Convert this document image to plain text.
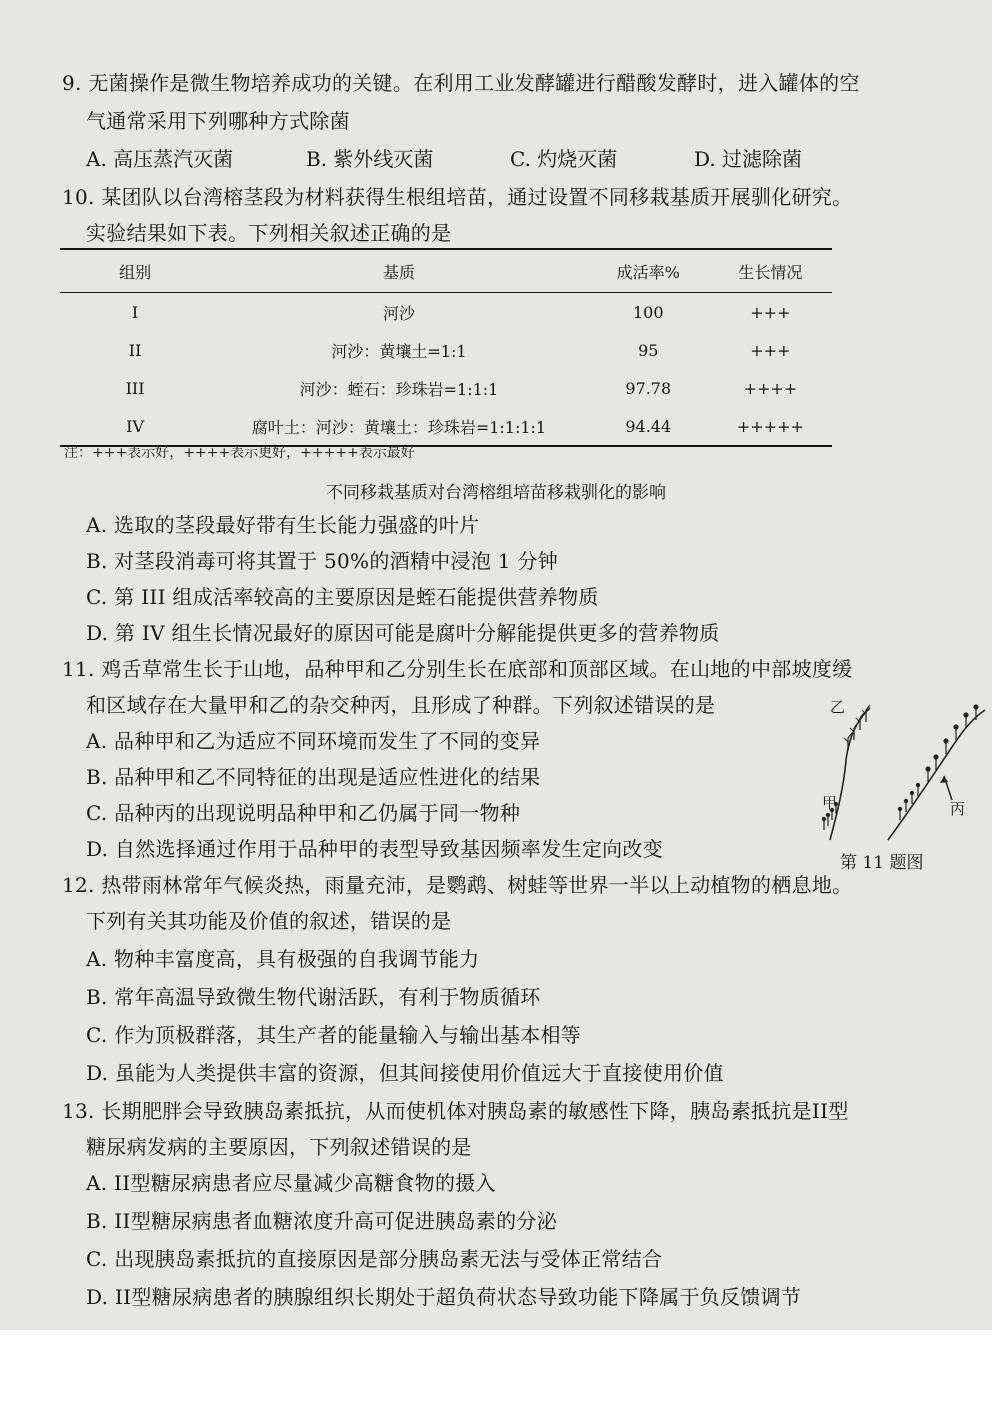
9. 无菌操作是微生物培养成功的关键。在利用工业发酵罐进行醋酸发酵时，进入罐体的空
气通常采用下列哪种方式除菌
A. 高压蒸汽灭菌	B. 紫外线灭菌	C. 灼烧灭菌	D. 过滤除菌
10. 某团队以台湾榕茎段为材料获得生根组培苗，通过设置不同移栽基质开展驯化研究。
实验结果如下表。下列相关叙述正确的是
组别	基质	成活率%	生长情况
I	河沙	100	+++
II	河沙：黄壤土=1:1	95	+++
III	河沙：蛭石：珍珠岩=1:1:1	97.78	++++
IV	腐叶土：河沙：黄壤土：珍珠岩=1:1:1:1	94.44	+++++
注：+++表示好，++++表示更好，+++++表示最好
不同移栽基质对台湾榕组培苗移栽驯化的影响
A. 选取的茎段最好带有生长能力强盛的叶片
B. 对茎段消毒可将其置于 50%的酒精中浸泡 1 分钟
C. 第 III 组成活率较高的主要原因是蛭石能提供营养物质
D. 第 IV 组生长情况最好的原因可能是腐叶分解能提供更多的营养物质
11. 鸡舌草常生长于山地，品种甲和乙分别生长在底部和顶部区域。在山地的中部坡度缓
和区域存在大量甲和乙的杂交种丙，且形成了种群。下列叙述错误的是
A. 品种甲和乙为适应不同环境而发生了不同的变异
B. 品种甲和乙不同特征的出现是适应性进化的结果
C. 品种丙的出现说明品种甲和乙仍属于同一物种
D. 自然选择通过作用于品种甲的表型导致基因频率发生定向改变
甲
乙
丙
第 11 题图
12. 热带雨林常年气候炎热，雨量充沛，是鹦鹉、树蛙等世界一半以上动植物的栖息地。
下列有关其功能及价值的叙述，错误的是
A. 物种丰富度高，具有极强的自我调节能力
B. 常年高温导致微生物代谢活跃，有利于物质循环
C. 作为顶极群落，其生产者的能量输入与输出基本相等
D. 虽能为人类提供丰富的资源，但其间接使用价值远大于直接使用价值
13. 长期肥胖会导致胰岛素抵抗，从而使机体对胰岛素的敏感性下降，胰岛素抵抗是II型
糖尿病发病的主要原因，下列叙述错误的是
A. II型糖尿病患者应尽量减少高糖食物的摄入
B. II型糖尿病患者血糖浓度升高可促进胰岛素的分泌
C. 出现胰岛素抵抗的直接原因是部分胰岛素无法与受体正常结合
D. II型糖尿病患者的胰腺组织长期处于超负荷状态导致功能下降属于负反馈调节
